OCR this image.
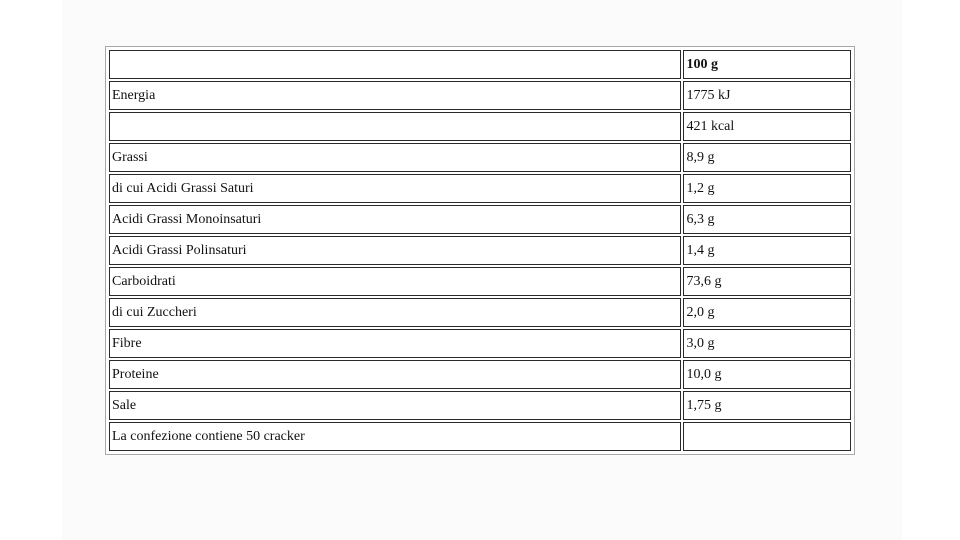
	100 g
Energia	1775 kJ
	421 kcal
Grassi	8,9 g
di cui Acidi Grassi Saturi	1,2 g
Acidi Grassi Monoinsaturi	6,3 g
Acidi Grassi Polinsaturi	1,4 g
Carboidrati	73,6 g
di cui Zuccheri	2,0 g
Fibre	3,0 g
Proteine	10,0 g
Sale	1,75 g
La confezione contiene 50 cracker	
